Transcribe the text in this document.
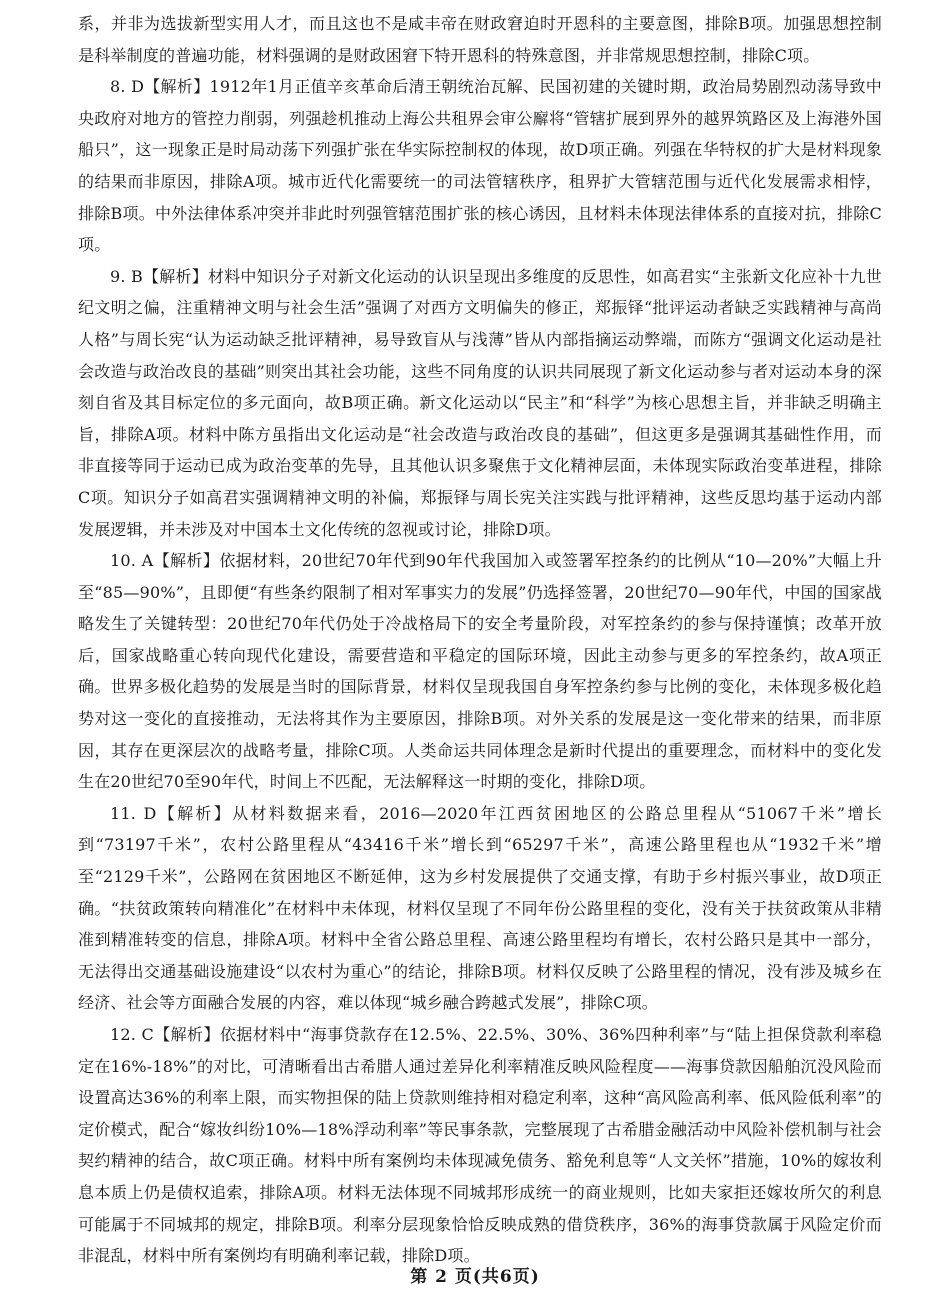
系，并非为选拔新型实用人才，而且这也不是咸丰帝在财政窘迫时开恩科的主要意图，排除B项。加强思想控制是科举制度的普遍功能，材料强调的是财政困窘下特开恩科的特殊意图，并非常规思想控制，排除C项。

8. D【解析】1912年1月正值辛亥革命后清王朝统治瓦解、民国初建的关键时期，政治局势剧烈动荡导致中央政府对地方的管控力削弱，列强趁机推动上海公共租界会审公廨将“管辖扩展到界外的越界筑路区及上海港外国船只”，这一现象正是时局动荡下列强扩张在华实际控制权的体现，故D项正确。列强在华特权的扩大是材料现象的结果而非原因，排除A项。城市近代化需要统一的司法管辖秩序，租界扩大管辖范围与近代化发展需求相悖，排除B项。中外法律体系冲突并非此时列强管辖范围扩张的核心诱因，且材料未体现法律体系的直接对抗，排除C项。

9. B【解析】材料中知识分子对新文化运动的认识呈现出多维度的反思性，如高君实“主张新文化应补十九世纪文明之偏，注重精神文明与社会生活”强调了对西方文明偏失的修正，郑振铎“批评运动者缺乏实践精神与高尚人格”与周长宪“认为运动缺乏批评精神，易导致盲从与浅薄”皆从内部指摘运动弊端，而陈方“强调文化运动是社会改造与政治改良的基础”则突出其社会功能，这些不同角度的认识共同展现了新文化运动参与者对运动本身的深刻自省及其目标定位的多元面向，故B项正确。新文化运动以“民主”和“科学”为核心思想主旨，并非缺乏明确主旨，排除A项。材料中陈方虽指出文化运动是“社会改造与政治改良的基础”，但这更多是强调其基础性作用，而非直接等同于运动已成为政治变革的先导，且其他认识多聚焦于文化精神层面，未体现实际政治变革进程，排除C项。知识分子如高君实强调精神文明的补偏，郑振铎与周长宪关注实践与批评精神，这些反思均基于运动内部发展逻辑，并未涉及对中国本土文化传统的忽视或讨论，排除D项。

10. A【解析】依据材料，20世纪70年代到90年代我国加入或签署军控条约的比例从“10—20%”大幅上升至“85—90%”，且即便“有些条约限制了相对军事实力的发展”仍选择签署，20世纪70—90年代，中国的国家战略发生了关键转型：20世纪70年代仍处于冷战格局下的安全考量阶段，对军控条约的参与保持谨慎；改革开放后，国家战略重心转向现代化建设，需要营造和平稳定的国际环境，因此主动参与更多的军控条约，故A项正确。世界多极化趋势的发展是当时的国际背景，材料仅呈现我国自身军控条约参与比例的变化，未体现多极化趋势对这一变化的直接推动，无法将其作为主要原因，排除B项。对外关系的发展是这一变化带来的结果，而非原因，其存在更深层次的战略考量，排除C项。人类命运共同体理念是新时代提出的重要理念，而材料中的变化发生在20世纪70至90年代，时间上不匹配，无法解释这一时期的变化，排除D项。

11. D【解析】从材料数据来看，2016—2020年江西贫困地区的公路总里程从“51067千米”增长到“73197千米”，农村公路里程从“43416千米”增长到“65297千米”，高速公路里程也从“1932千米”增至“2129千米”，公路网在贫困地区不断延伸，这为乡村发展提供了交通支撑，有助于乡村振兴事业，故D项正确。“扶贫政策转向精准化”在材料中未体现，材料仅呈现了不同年份公路里程的变化，没有关于扶贫政策从非精准到精准转变的信息，排除A项。材料中全省公路总里程、高速公路里程均有增长，农村公路只是其中一部分，无法得出交通基础设施建设“以农村为重心”的结论，排除B项。材料仅反映了公路里程的情况，没有涉及城乡在经济、社会等方面融合发展的内容，难以体现“城乡融合跨越式发展”，排除C项。

12. C【解析】依据材料中“海事贷款存在12.5%、22.5%、30%、36%四种利率”与“陆上担保贷款利率稳定在16%-18%”的对比，可清晰看出古希腊人通过差异化利率精准反映风险程度——海事贷款因船舶沉没风险而设置高达36%的利率上限，而实物担保的陆上贷款则维持相对稳定利率，这种“高风险高利率、低风险低利率”的定价模式，配合“嫁妆纠纷10%—18%浮动利率”等民事条款，完整展现了古希腊金融活动中风险补偿机制与社会契约精神的结合，故C项正确。材料中所有案例均未体现减免债务、豁免利息等“人文关怀”措施，10%的嫁妆利息本质上仍是债权追索，排除A项。材料无法体现不同城邦形成统一的商业规则，比如夫家拒还嫁妆所欠的利息可能属于不同城邦的规定，排除B项。利率分层现象恰恰反映成熟的借贷秩序，36%的海事贷款属于风险定价而非混乱，材料中所有案例均有明确利率记载，排除D项。

第 2 页(共6页)
